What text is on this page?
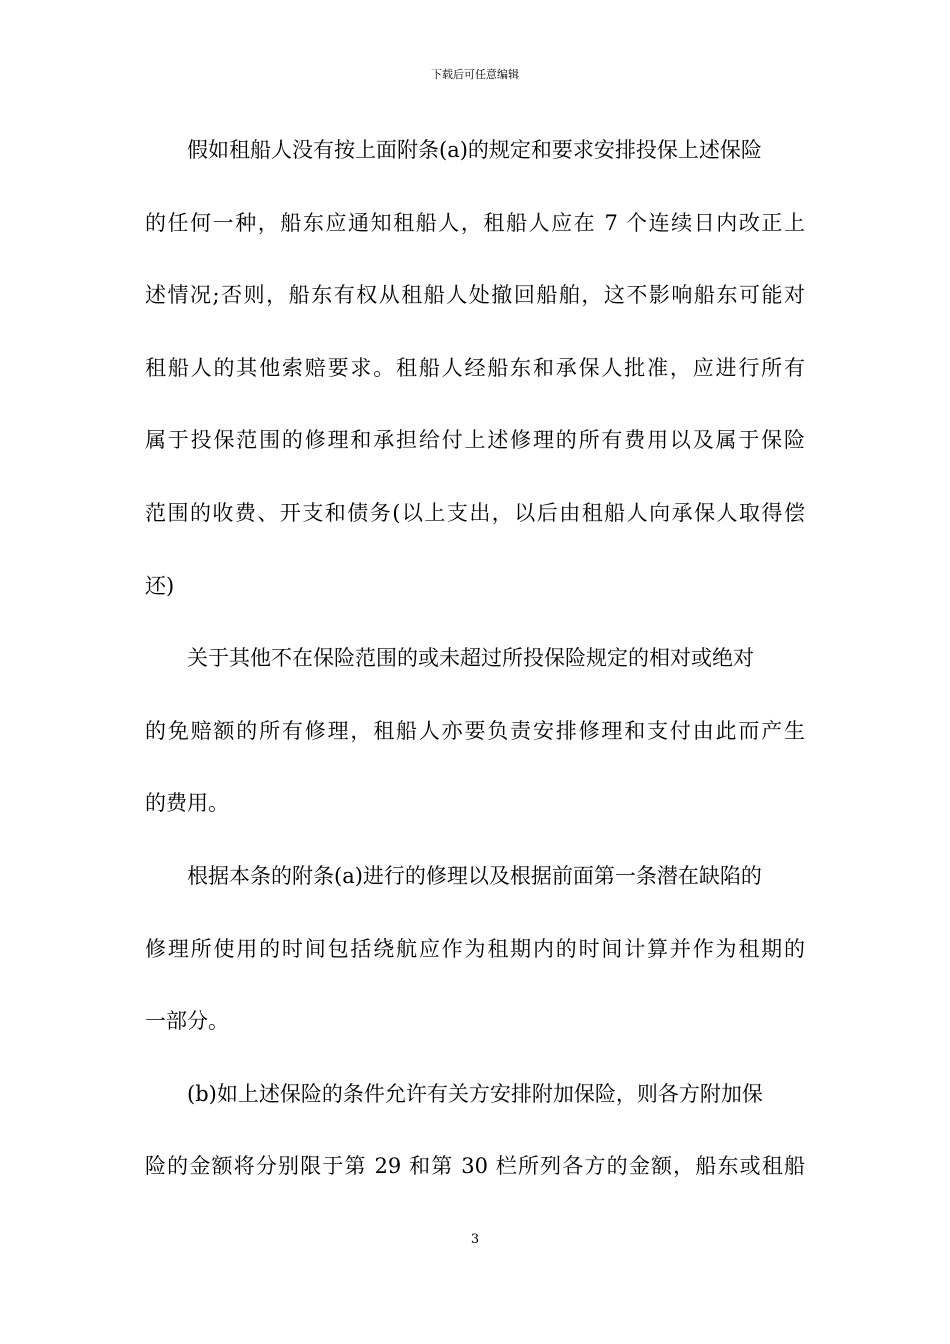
下载后可任意编辑
假如租船人没有按上面附条(a)的规定和要求安排投保上述保险
的任何一种，船东应通知租船人，租船人应在 7 个连续日内改正上
述情况;否则，船东有权从租船人处撤回船舶，这不影响船东可能对
租船人的其他索赔要求。租船人经船东和承保人批准，应进行所有
属于投保范围的修理和承担给付上述修理的所有费用以及属于保险
范围的收费、开支和债务(以上支出，以后由租船人向承保人取得偿
还)
关于其他不在保险范围的或未超过所投保险规定的相对或绝对
的免赔额的所有修理，租船人亦要负责安排修理和支付由此而产生
的费用。
根据本条的附条(a)进行的修理以及根据前面第一条潜在缺陷的
修理所使用的时间包括绕航应作为租期内的时间计算并作为租期的
一部分。
(b)如上述保险的条件允许有关方安排附加保险，则各方附加保
险的金额将分别限于第 29 和第 30 栏所列各方的金额，船东或租船
3
